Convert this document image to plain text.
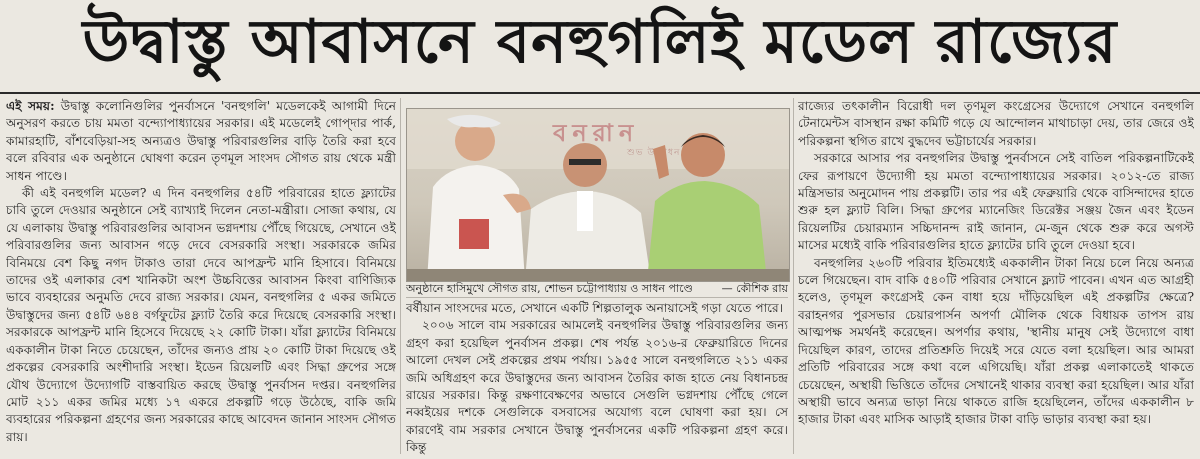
উদ্বাস্তু আবাসনে বনহুগলিই মডেল রাজ্যের

এই সময়: উদ্বাস্তু কলোনিগুলির পুনর্বাসনে 'বনহুগলি' মডেলকেই আগামী দিনে অনুসরণ করতে চায় মমতা বন্দ্যোপাধ্যায়ের সরকার। এই মডেলেই গোপ্দার পার্ক, কামারহাটি, বাঁশবেড়িয়া-সহ অন্যত্রও উদ্বাস্তু পরিবারগুলির বাড়ি তৈরি করা হবে বলে রবিবার এক অনুষ্ঠানে ঘোষণা করেন তৃণমূল সাংসদ সৌগত রায় থেকে মন্ত্রী সাধন পাণ্ডে।

কী এই বনহুগলি মডেল? এ দিন বনহুগলির ৫৪টি পরিবারের হাতে ফ্ল্যাটের চাবি তুলে দেওয়ার অনুষ্ঠানে সেই ব্যাখ্যাই দিলেন নেতা-মন্ত্রীরা। সোজা কথায়, যে যে এলাকায় উদ্বাস্তু পরিবারগুলির আবাসন ভগ্নদশায় পৌঁছে গিয়েছে, সেখানে ওই পরিবারগুলির জন্য আবাসন গড়ে দেবে বেসরকারি সংস্থা। সরকারকে জমির বিনিময়ে বেশ কিছু নগদ টাকাও তারা দেবে আপফ্রন্ট মানি হিসাবে। বিনিময়ে তাদের ওই এলাকার বেশ খানিকটা অংশ উচ্চবিত্তের আবাসন কিংবা বাণিজ্যিক ভাবে ব্যবহারের অনুমতি দেবে রাজ্য সরকার। যেমন, বনহুগলির ৫ একর জমিতে উদ্বাস্তুদের জন্য ৫৪টি ৬৪৪ বর্গফুটের ফ্ল্যাট তৈরি করে দিয়েছে বেসরকারি সংস্থা। সরকারকে আপফ্রন্ট মানি হিসেবে দিয়েছে ২২ কোটি টাকা। যাঁরা ফ্ল্যাটের বিনিময়ে এককালীন টাকা নিতে চেয়েছেন, তাঁদের জন্যও প্রায় ২০ কোটি টাকা দিয়েছে ওই প্রকল্পের বেসরকারি অংশীদারি সংস্থা। ইডেন রিয়েলটি এবং সিদ্ধা গ্রুপের সঙ্গে যৌথ উদ্যোগে উদ্যোগটি বাস্তবায়িত করছে উদ্বাস্তু পুনর্বাসন দপ্তর। বনহুগলির মোট ২১১ একর জমির মধ্যে ১৭ একরে প্রকল্পটি গড়ে উঠেছে, বাকি জমি ব্যবহারের পরিকল্পনা গ্রহণের জন্য সরকারের কাছে আবেদন জানান সাংসদ সৌগত রায়।

অনুষ্ঠানে হাসিমুখে সৌগত রায়, শোভন চট্টোপাধ্যায় ও সাধন পাণ্ডে	— কৌশিক রায়

বর্ষীয়ান সাংসদের মতে, সেখানে একটি শিল্পতালুক অনায়াসেই গড়া যেতে পারে।

২০০৬ সালে বাম সরকারের আমলেই বনহুগলির উদ্বাস্তু পরিবারগুলির জন্য গ্রহণ করা হয়েছিল পুনর্বাসন প্রকল্প। শেষ পর্যন্ত ২০১৬-র ফেব্রুয়ারিতে দিনের আলো দেখল সেই প্রকল্পের প্রথম পর্যায়। ১৯৫৫ সালে বনহুগলিতে ২১১ একর জমি অধিগ্রহণ করে উদ্বাস্তুদের জন্য আবাসন তৈরির কাজ হাতে নেয় বিধানচন্দ্র রায়ের সরকার। কিন্তু রক্ষণাবেক্ষণের অভাবে সেগুলি ভগ্নদশায় পৌঁছে গেলে নব্বইয়ের দশকে সেগুলিকে বসবাসের অযোগ্য বলে ঘোষণা করা হয়। সে কারণেই বাম সরকার সেখানে উদ্বাস্তু পুনর্বাসনের একটি পরিকল্পনা গ্রহণ করে। কিন্তু

রাজ্যের তৎকালীন বিরোধী দল তৃণমূল কংগ্রেসের উদ্যোগে সেখানে বনহুগলি টেনামেন্টস বাসস্থান রক্ষা কমিটি গড়ে যে আন্দোলন মাথাচাড়া দেয়, তার জেরে ওই পরিকল্পনা স্থগিত রাখে বুদ্ধদেব ভট্টাচার্যের সরকার।

সরকারে আসার পর বনহুগলির উদ্বাস্তু পুনর্বাসনে সেই বাতিল পরিকল্পনাটিকেই ফের রূপায়ণে উদ্যোগী হয় মমতা বন্দ্যোপাধ্যায়ের সরকার। ২০১২-তে রাজ্য মন্ত্রিসভার অনুমোদন পায় প্রকল্পটি। তার পর এই ফেব্রুয়ারি থেকে বাসিন্দাদের হাতে শুরু হল ফ্ল্যাট বিলি। সিদ্ধা গ্রুপের ম্যানেজিং ডিরেক্টর সঞ্জয় জৈন এবং ইডেন রিয়েলটির চেয়ারম্যান সচ্চিদানন্দ রাই জানান, মে-জুন থেকে শুরু করে অগস্ট মাসের মধ্যেই বাকি পরিবারগুলির হাতে ফ্ল্যাটের চাবি তুলে দেওয়া হবে।

বনহুগলির ২৬০টি পরিবার ইতিমধ্যেই এককালীন টাকা নিয়ে চলে নিয়ে অন্যত্র চলে গিয়েছেন। বাদ বাকি ৫৪০টি পরিবার সেখানে ফ্ল্যাট পাবেন। এখন এত আগ্রহী হলেও, তৃণমূল কংগ্রেসই কেন বাধা হয়ে দাঁড়িয়েছিল এই প্রকল্পটির ক্ষেত্রে? বরাহনগর পুরসভার চেয়ারপার্সন অপর্ণা মৌলিক থেকে বিধায়ক তাপস রায় আত্মপক্ষ সমর্থনই করেছেন। অপর্ণার কথায়, 'স্থানীয় মানুষ সেই উদ্যোগে বাধা দিয়েছিল কারণ, তাদের প্রতিশ্রুতি দিয়েই সরে যেতে বলা হয়েছিল। আর আমরা প্রতিটি পরিবারের সঙ্গে কথা বলে এগিয়েছি। যাঁরা প্রকল্প এলাকাতেই থাকতে চেয়েছেন, অস্থায়ী ভিত্তিতে তাঁদের সেখানেই থাকার ব্যবস্থা করা হয়েছিল। আর যাঁরা অস্থায়ী ভাবে অন্যত্র ভাড়া নিয়ে থাকতে রাজি হয়েছিলেন, তাঁদের এককালীন ৮ হাজার টাকা এবং মাসিক আড়াই হাজার টাকা বাড়ি ভাড়ার ব্যবস্থা করা হয়।
